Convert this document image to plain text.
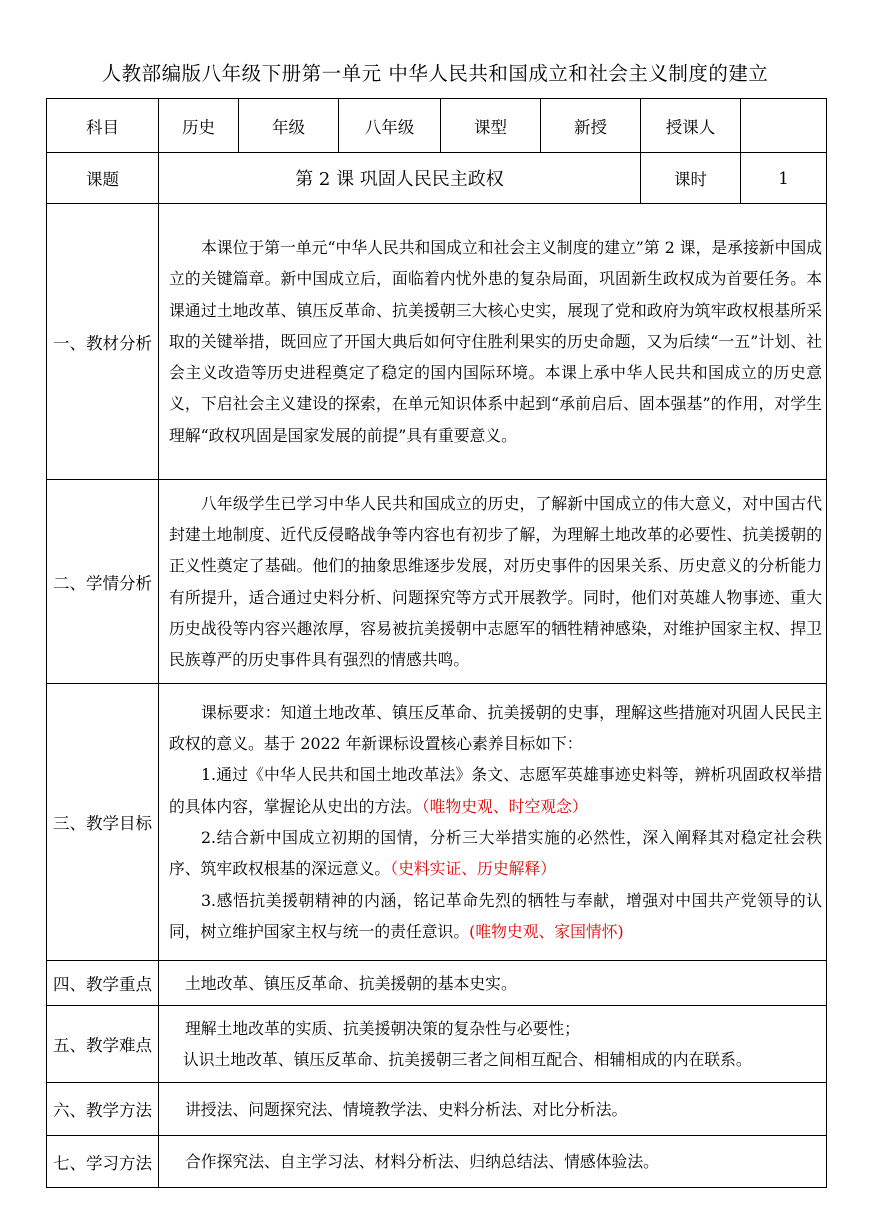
人教部编版八年级下册第一单元 中华人民共和国成立和社会主义制度的建立
科目	历史	年级	八年级	课型	新授	授课人	
课题	第 2 课 巩固人民民主政权					课时	1
一、教材分析	本课位于第一单元“中华人民共和国成立和社会主义制度的建立”第 2 课，是承接新中国成立的关键篇章。新中国成立后，面临着内忧外患的复杂局面，巩固新生政权成为首要任务。本课通过土地改革、镇压反革命、抗美援朝三大核心史实，展现了党和政府为筑牢政权根基所采取的关键举措，既回应了开国大典后如何守住胜利果实的历史命题，又为后续“一五”计划、社会主义改造等历史进程奠定了稳定的国内国际环境。本课上承中华人民共和国成立的历史意义，下启社会主义建设的探索，在单元知识体系中起到“承前启后、固本强基”的作用，对学生理解“政权巩固是国家发展的前提”具有重要意义。						

二、学情分析	八年级学生已学习中华人民共和国成立的历史，了解新中国成立的伟大意义，对中国古代封建土地制度、近代反侵略战争等内容也有初步了解，为理解土地改革的必要性、抗美援朝的正义性奠定了基础。他们的抽象思维逐步发展，对历史事件的因果关系、历史意义的分析能力有所提升，适合通过史料分析、问题探究等方式开展教学。同时，他们对英雄人物事迹、重大历史战役等内容兴趣浓厚，容易被抗美援朝中志愿军的牺牲精神感染，对维护国家主权、捍卫民族尊严的历史事件具有强烈的情感共鸣。						

三、教学目标	课标要求：知道土地改革、镇压反革命、抗美援朝的史事，理解这些措施对巩固人民民主政权的意义。基于 2022 年新课标设置核心素养目标如下：

1.通过《中华人民共和国土地改革法》条文、志愿军英雄事迹史料等，辨析巩固政权举措的具体内容，掌握论从史出的方法。（唯物史观、时空观念）

2.结合新中国成立初期的国情，分析三大举措实施的必然性，深入阐释其对稳定社会秩序、筑牢政权根基的深远意义。（史料实证、历史解释）

3.感悟抗美援朝精神的内涵，铭记革命先烈的牺牲与奉献，增强对中国共产党领导的认同，树立维护国家主权与统一的责任意识。(唯物史观、家国情怀)						

四、教学重点	土地改革、镇压反革命、抗美援朝的基本史实。						

五、教学难点	理解土地改革的实质、抗美援朝决策的复杂性与必要性；

认识土地改革、镇压反革命、抗美援朝三者之间相互配合、相辅相成的内在联系。						

六、教学方法	讲授法、问题探究法、情境教学法、史料分析法、对比分析法。						

七、学习方法	合作探究法、自主学习法、材料分析法、归纳总结法、情感体验法。						
